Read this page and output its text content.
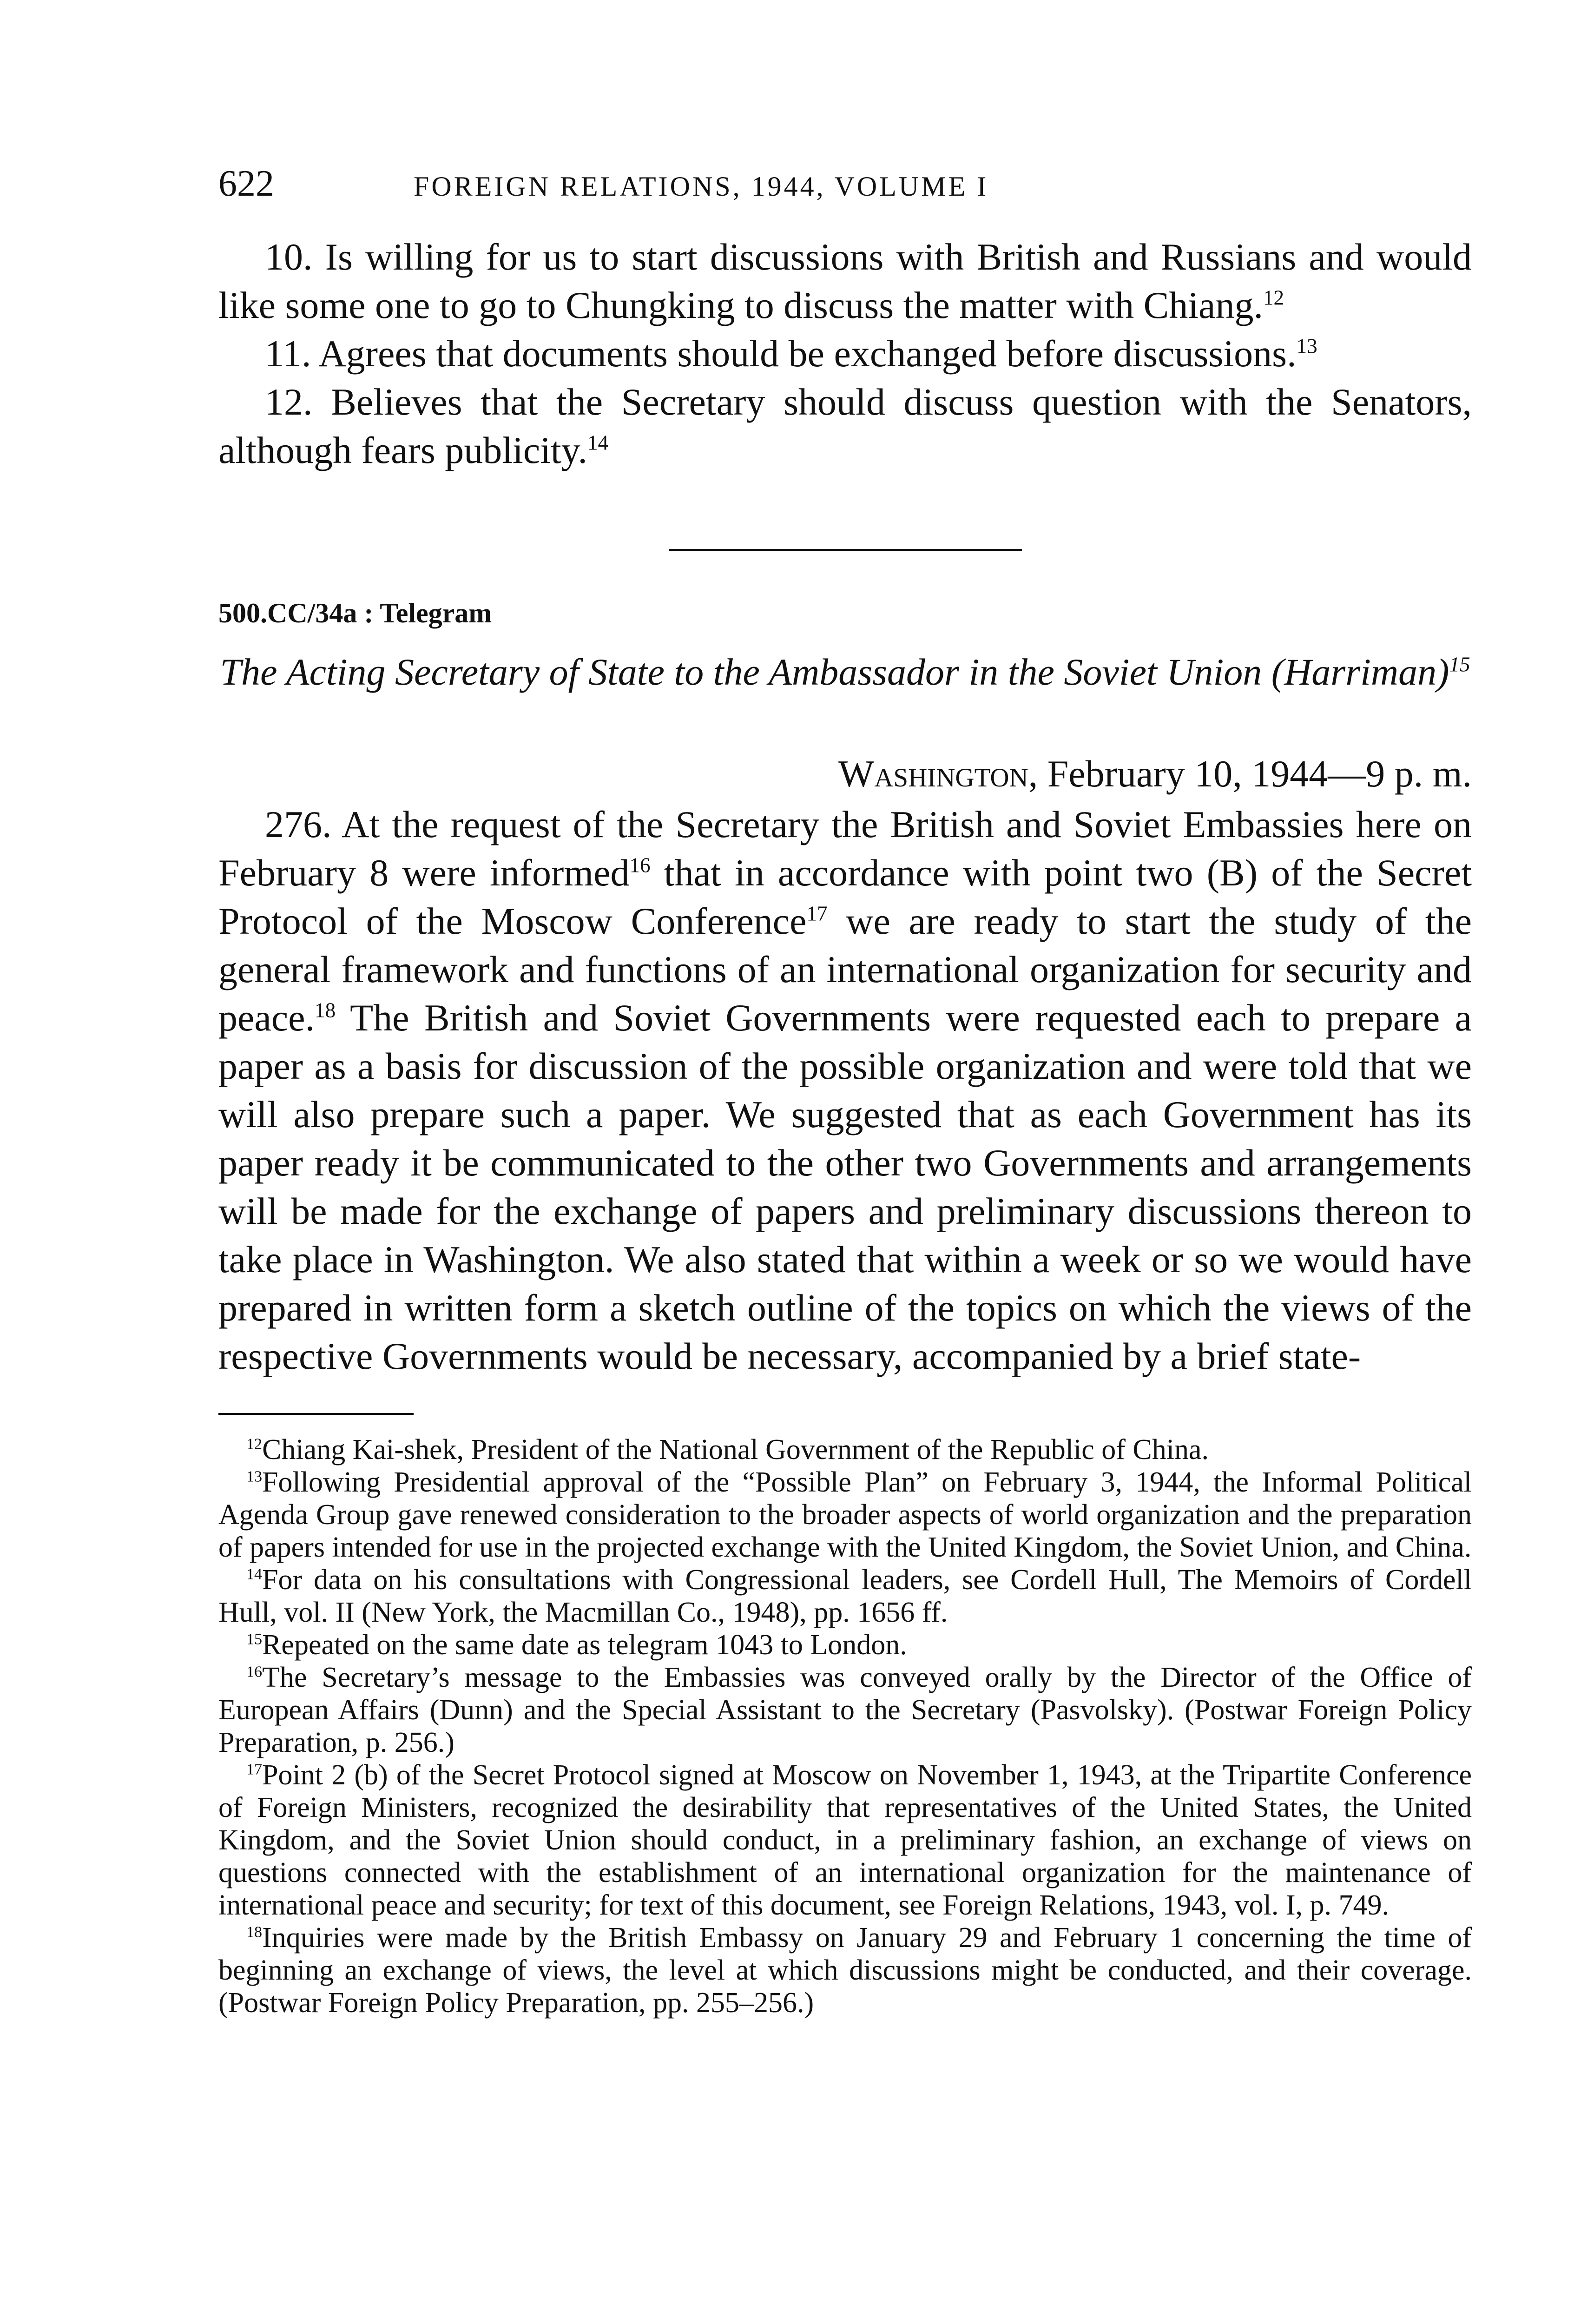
622	FOREIGN RELATIONS, 1944, VOLUME I

10. Is willing for us to start discussions with British and Russians and would like some one to go to Chungking to discuss the matter with Chiang.$^{12}$

11. Agrees that documents should be exchanged before discussions.$^{13}$

12. Believes that the Secretary should discuss question with the Senators, although fears publicity.$^{14}$

500.CC/34a : Telegram

The Acting Secretary of State to the Ambassador in the Soviet Union (Harriman)$^{15}$

Washington, February 10, 1944—9 p. m.

276. At the request of the Secretary the British and Soviet Embassies here on February 8 were informed$^{16}$ that in accordance with point two (B) of the Secret Protocol of the Moscow Conference$^{17}$ we are ready to start the study of the general framework and functions of an international organization for security and peace.$^{18}$ The British and Soviet Governments were requested each to prepare a paper as a basis for discussion of the possible organization and were told that we will also prepare such a paper. We suggested that as each Government has its paper ready it be communicated to the other two Governments and arrangements will be made for the exchange of papers and preliminary discussions thereon to take place in Washington. We also stated that within a week or so we would have prepared in written form a sketch outline of the topics on which the views of the respective Governments would be necessary, accompanied by a brief state-

$^{12}$Chiang Kai-shek, President of the National Government of the Republic of China.

$^{13}$Following Presidential approval of the “Possible Plan” on February 3, 1944, the Informal Political Agenda Group gave renewed consideration to the broader aspects of world organization and the preparation of papers intended for use in the projected exchange with the United Kingdom, the Soviet Union, and China.

$^{14}$For data on his consultations with Congressional leaders, see Cordell Hull, The Memoirs of Cordell Hull, vol. II (New York, the Macmillan Co., 1948), pp. 1656 ff.

$^{15}$Repeated on the same date as telegram 1043 to London.

$^{16}$The Secretary’s message to the Embassies was conveyed orally by the Director of the Office of European Affairs (Dunn) and the Special Assistant to the Secretary (Pasvolsky). (Postwar Foreign Policy Preparation, p. 256.)

$^{17}$Point 2 (b) of the Secret Protocol signed at Moscow on November 1, 1943, at the Tripartite Conference of Foreign Ministers, recognized the desirability that representatives of the United States, the United Kingdom, and the Soviet Union should conduct, in a preliminary fashion, an exchange of views on questions connected with the establishment of an international organization for the maintenance of international peace and security; for text of this document, see Foreign Relations, 1943, vol. I, p. 749.

$^{18}$Inquiries were made by the British Embassy on January 29 and February 1 concerning the time of beginning an exchange of views, the level at which discussions might be conducted, and their coverage. (Postwar Foreign Policy Preparation, pp. 255–256.)
